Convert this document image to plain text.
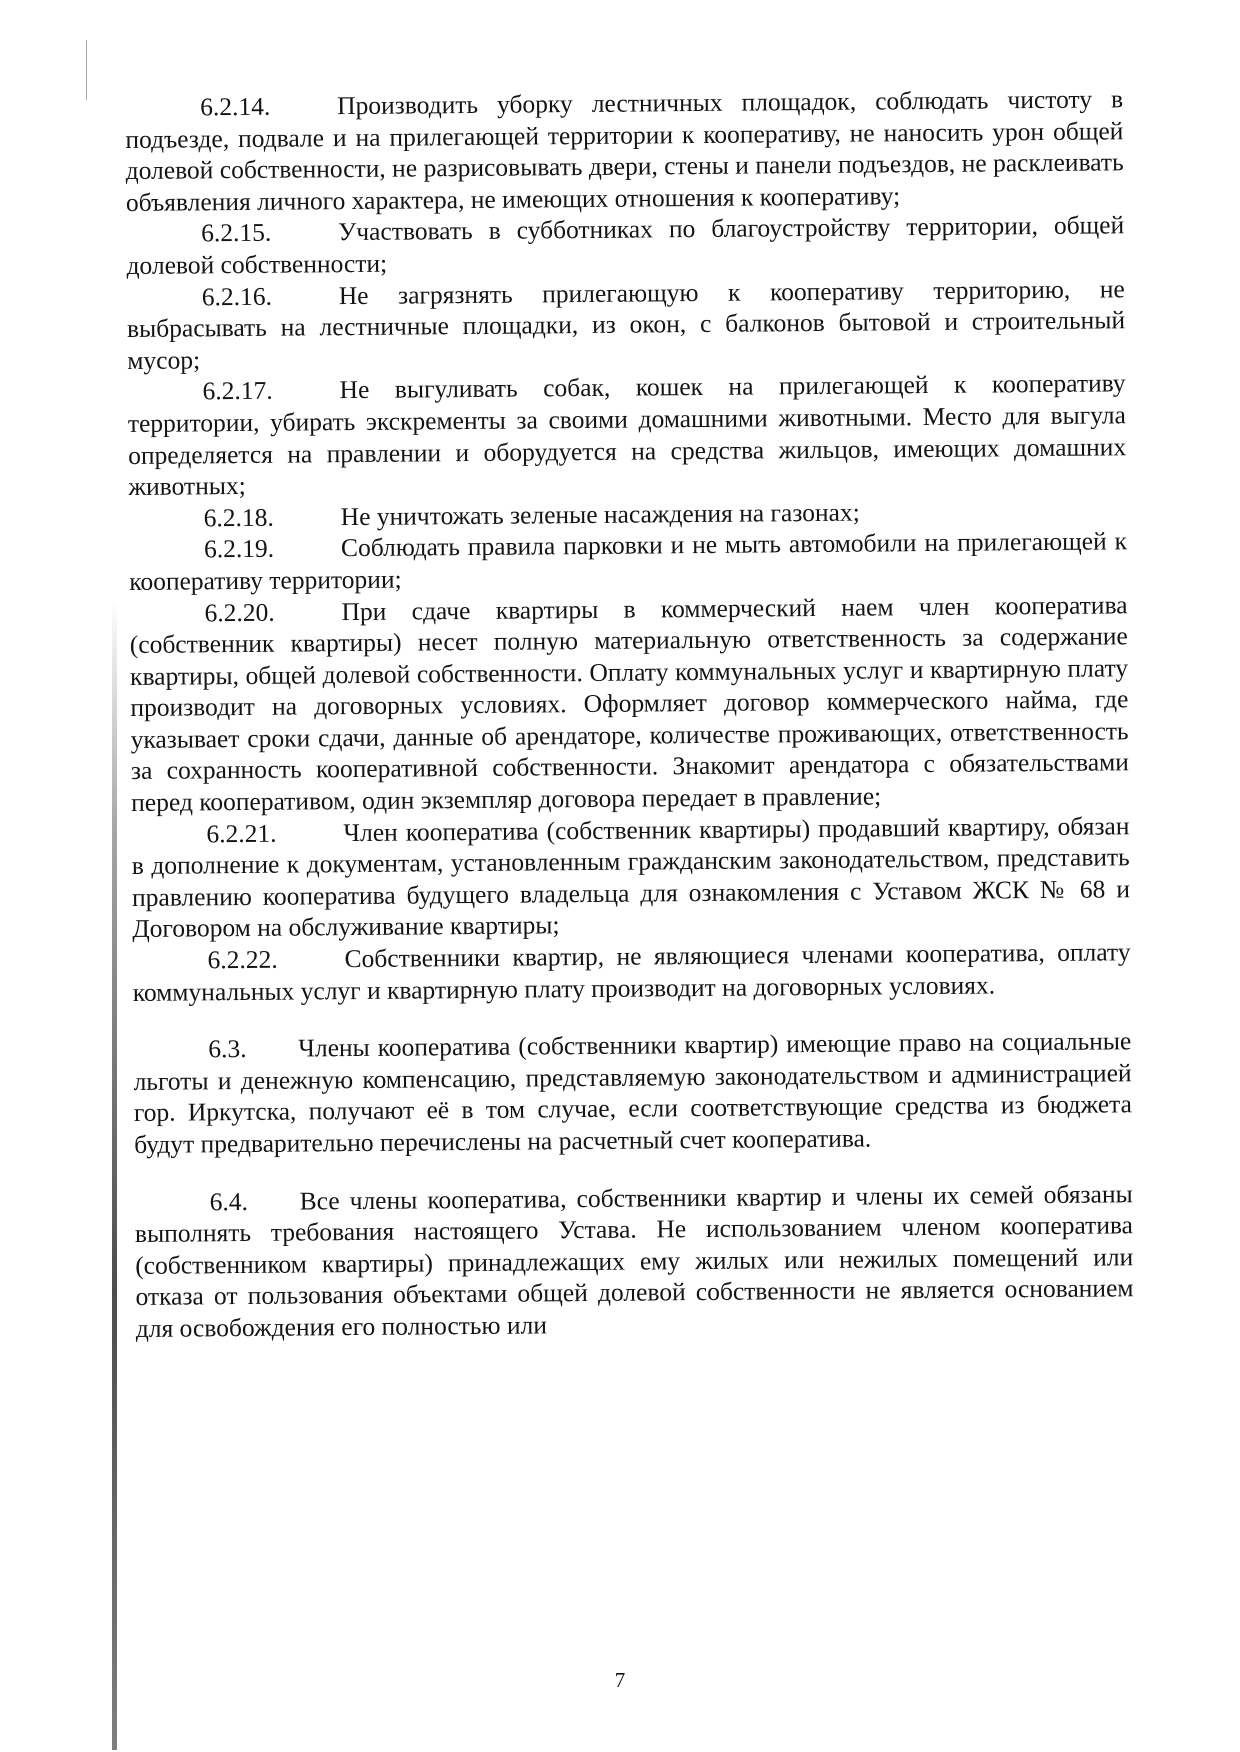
6.2.14.	Производить уборку лестничных площадок, соблюдать чистоту в подъезде, подвале и на прилегающей территории к кооперативу, не наносить урон общей долевой собственности, не разрисовывать двери, стены и панели подъездов, не расклеивать объявления личного характера, не имеющих отношения к кооперативу;

6.2.15.	Участвовать в субботниках по благоустройству территории, общей долевой собственности;

6.2.16.	Не загрязнять прилегающую к кооперативу территорию, не выбрасывать на лестничные площадки, из окон, с балконов бытовой и строительный мусор;

6.2.17.	Не выгуливать собак, кошек на прилегающей к кооперативу территории, убирать экскременты за своими домашними животными. Место для выгула определяется на правлении и оборудуется на средства жильцов, имеющих домашних животных;

6.2.18.	Не уничтожать зеленые насаждения на газонах;

6.2.19.	Соблюдать правила парковки и не мыть автомобили на прилегающей к кооперативу территории;

6.2.20.	При сдаче квартиры в коммерческий наем член кооператива (собственник квартиры) несет полную материальную ответственность за содержание квартиры, общей долевой собственности. Оплату коммунальных услуг и квартирную плату производит на договорных условиях. Оформляет договор коммерческого найма, где указывает сроки сдачи, данные об арендаторе, количестве проживающих, ответственность за сохранность кооперативной собственности. Знакомит арендатора с обязательствами перед кооперативом, один экземпляр договора передает в правление;

6.2.21.	Член кооператива (собственник квартиры) продавший квартиру, обязан в дополнение к документам, установленным гражданским законодательством, представить правлению кооператива будущего владельца для ознакомления с Уставом ЖСК № 68 и Договором на обслуживание квартиры;

6.2.22.	Собственники квартир, не являющиеся членами кооператива, оплату коммунальных услуг и квартирную плату производит на договорных условиях.

6.3. Члены кооператива (собственники квартир) имеющие право на социальные льготы и денежную компенсацию, представляемую законодательством и администрацией гор. Иркутска, получают её в том случае, если соответствующие средства из бюджета будут предварительно перечислены на расчетный счет кооператива.

6.4. Все члены кооператива, собственники квартир и члены их семей обязаны выполнять требования настоящего Устава. Не использованием членом кооператива (собственником квартиры) принадлежащих ему жилых или нежилых помещений или отказа от пользования объектами общей долевой собственности не является основанием для освобождения его полностью или

7
